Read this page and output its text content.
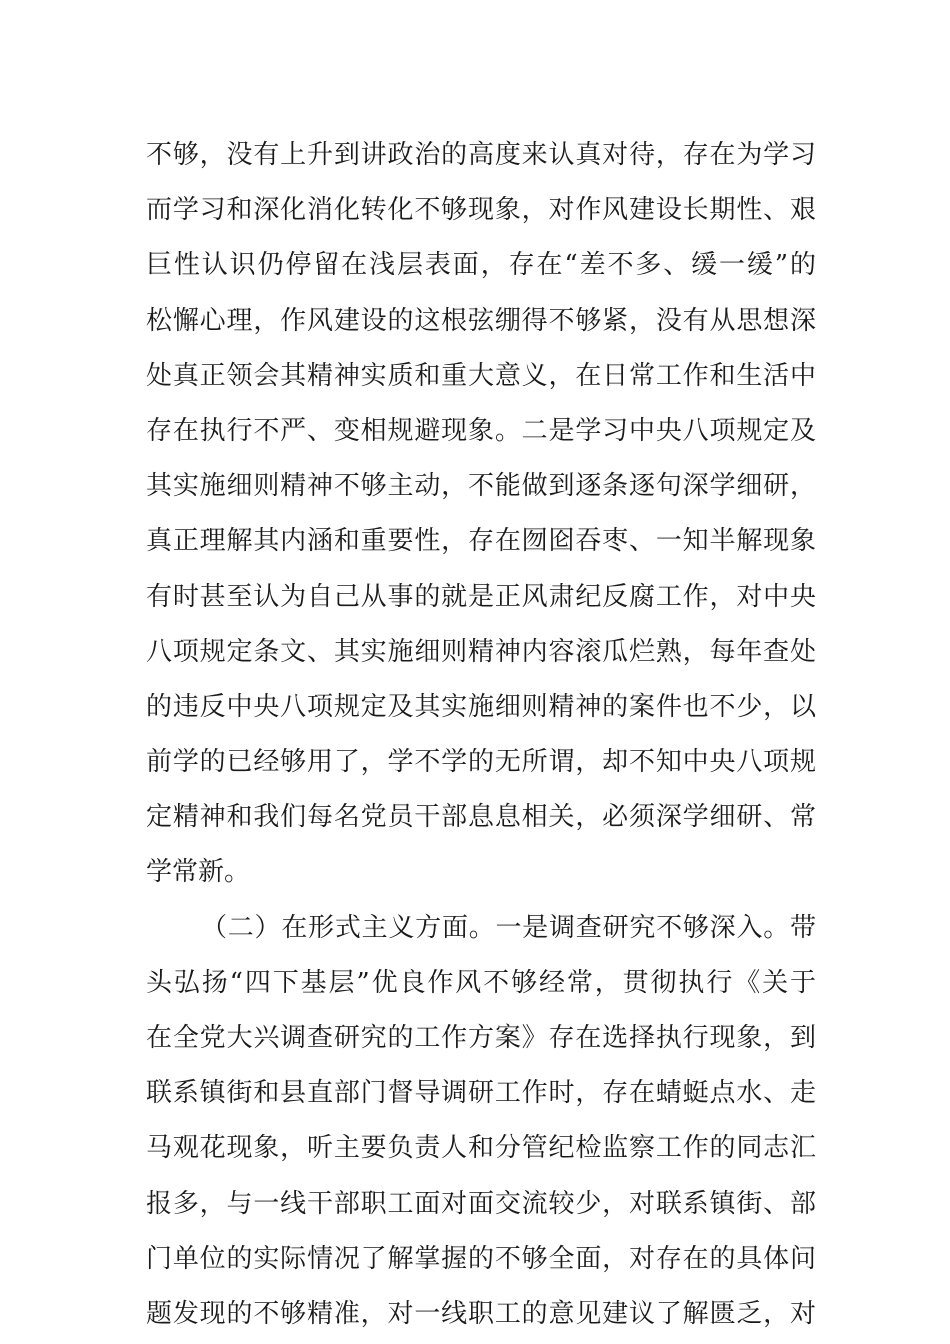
不够，没有上升到讲政治的高度来认真对待，存在为学习
而学习和深化消化转化不够现象，对作风建设长期性、艰
巨性认识仍停留在浅层表面，存在“差不多、缓一缓”的
松懈心理，作风建设的这根弦绷得不够紧，没有从思想深
处真正领会其精神实质和重大意义，在日常工作和生活中
存在执行不严、变相规避现象。二是学习中央八项规定及
其实施细则精神不够主动，不能做到逐条逐句深学细研，
真正理解其内涵和重要性，存在囫囵吞枣、一知半解现象
有时甚至认为自己从事的就是正风肃纪反腐工作，对中央
八项规定条文、其实施细则精神内容滚瓜烂熟，每年查处
的违反中央八项规定及其实施细则精神的案件也不少，以
前学的已经够用了，学不学的无所谓，却不知中央八项规
定精神和我们每名党员干部息息相关，必须深学细研、常
学常新。
（二）在形式主义方面。一是调查研究不够深入。带
头弘扬“四下基层”优良作风不够经常，贯彻执行《关于
在全党大兴调查研究的工作方案》存在选择执行现象，到
联系镇街和县直部门督导调研工作时，存在蜻蜓点水、走
马观花现象，听主要负责人和分管纪检监察工作的同志汇
报多，与一线干部职工面对面交流较少，对联系镇街、部
门单位的实际情况了解掌握的不够全面，对存在的具体问
题发现的不够精准，对一线职工的意见建议了解匮乏，对
